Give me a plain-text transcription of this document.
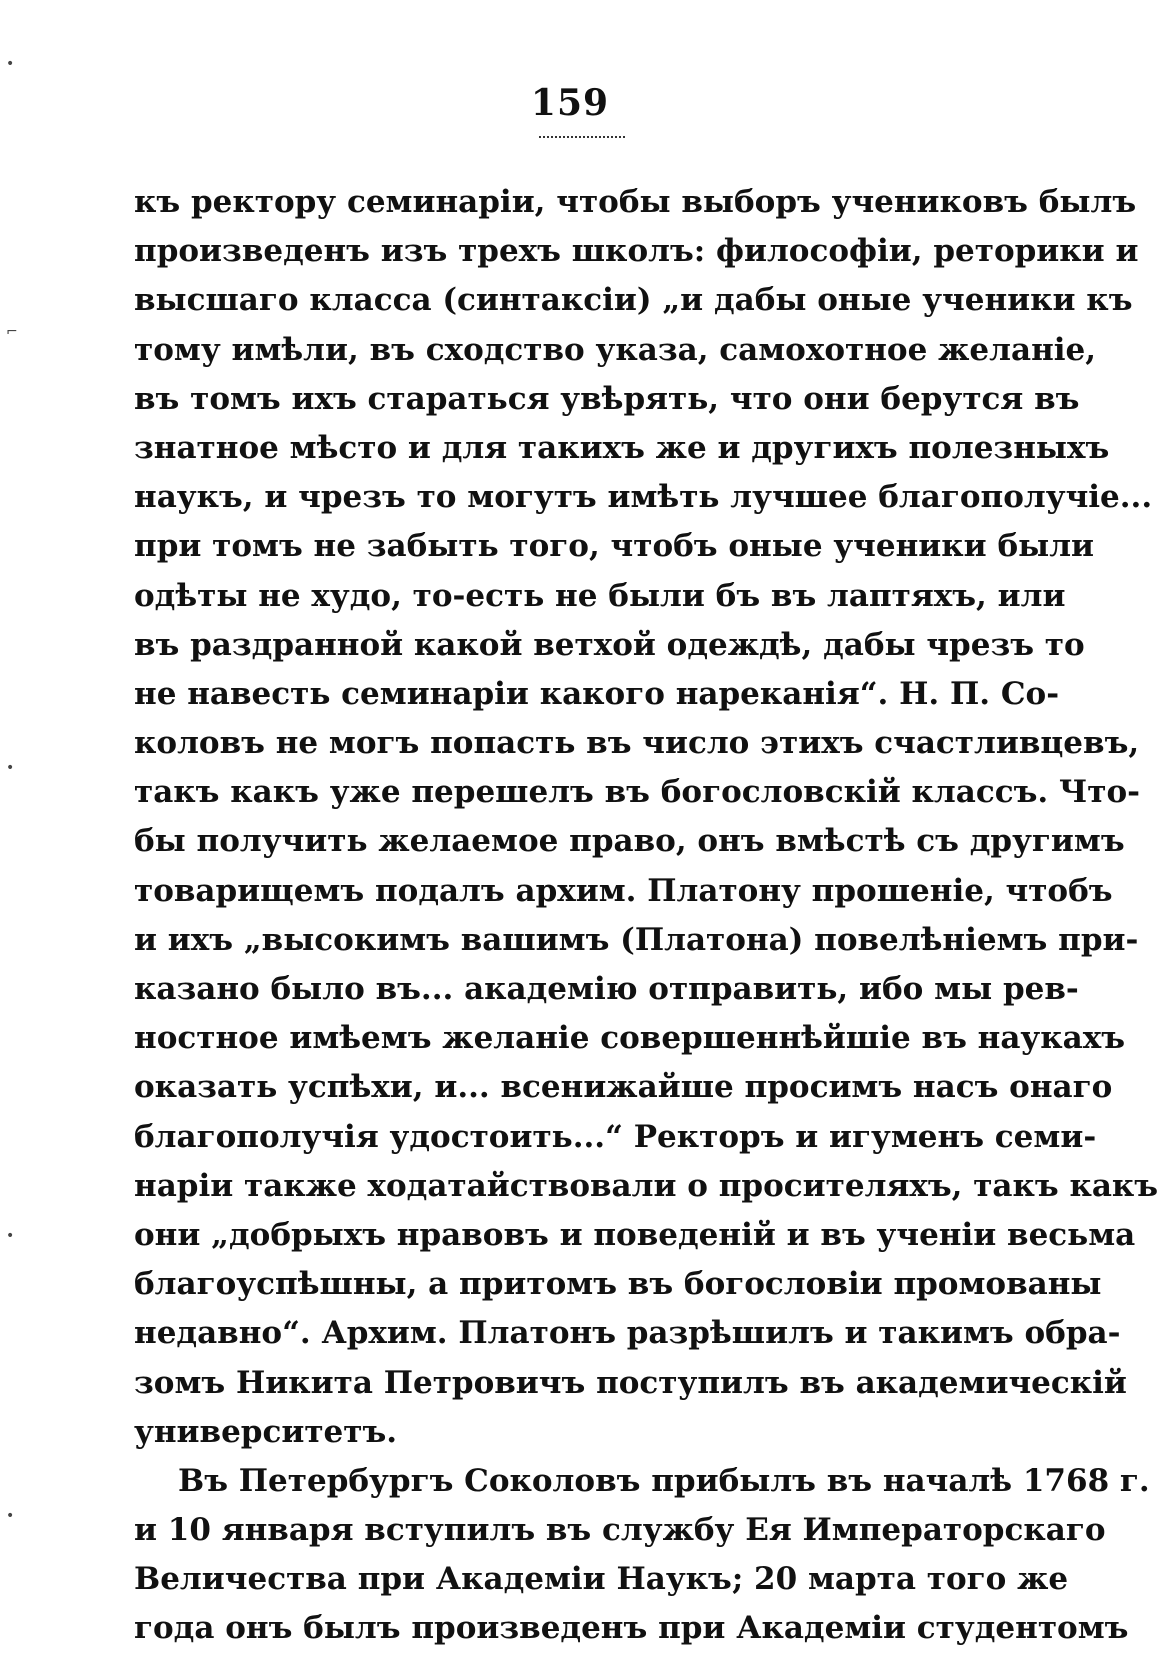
159
къ ректору семинаріи, чтобы выборъ учениковъ былъ
произведенъ изъ трехъ школъ: философіи, реторики и
высшаго класса (синтаксіи) „и дабы оные ученики къ
тому имѣли, въ сходство указа, самохотное желаніе,
въ томъ ихъ стараться увѣрять, что они берутся въ
знатное мѣсто и для такихъ же и другихъ полезныхъ
наукъ, и чрезъ то могутъ имѣть лучшее благополучіе...
при томъ не забыть того, чтобъ оные ученики были
одѣты не худо, то-есть не были бъ въ лаптяхъ, или
въ раздранной какой ветхой одеждѣ, дабы чрезъ то
не навесть семинаріи какого нареканія“. Н. П. Со-
коловъ не могъ попасть въ число этихъ счастливцевъ,
такъ какъ уже перешелъ въ богословскій классъ. Что-
бы получить желаемое право, онъ вмѣстѣ съ другимъ
товарищемъ подалъ архим. Платону прошеніе, чтобъ
и ихъ „высокимъ вашимъ (Платона) повелѣніемъ при-
казано было въ... академію отправить, ибо мы рев-
ностное имѣемъ желаніе совершеннѣйшіе въ наукахъ
оказать успѣхи, и... всенижайше просимъ насъ онаго
благополучія удостоить...“ Ректоръ и игуменъ семи-
наріи также ходатайствовали о просителяхъ, такъ какъ
они „добрыхъ нравовъ и поведеній и въ ученіи весьма
благоуспѣшны, а притомъ въ богословіи промованы
недавно“. Архим. Платонъ разрѣшилъ и такимъ обра-
зомъ Никита Петровичъ поступилъ въ академическій
университетъ.
Въ Петербургъ Соколовъ прибылъ въ началѣ 1768 г.
и 10 января вступилъ въ службу Ея Императорскаго
Величества при Академіи Наукъ; 20 марта того же
года онъ былъ произведенъ при Академіи студентомъ
•
⌐
•
•
•
